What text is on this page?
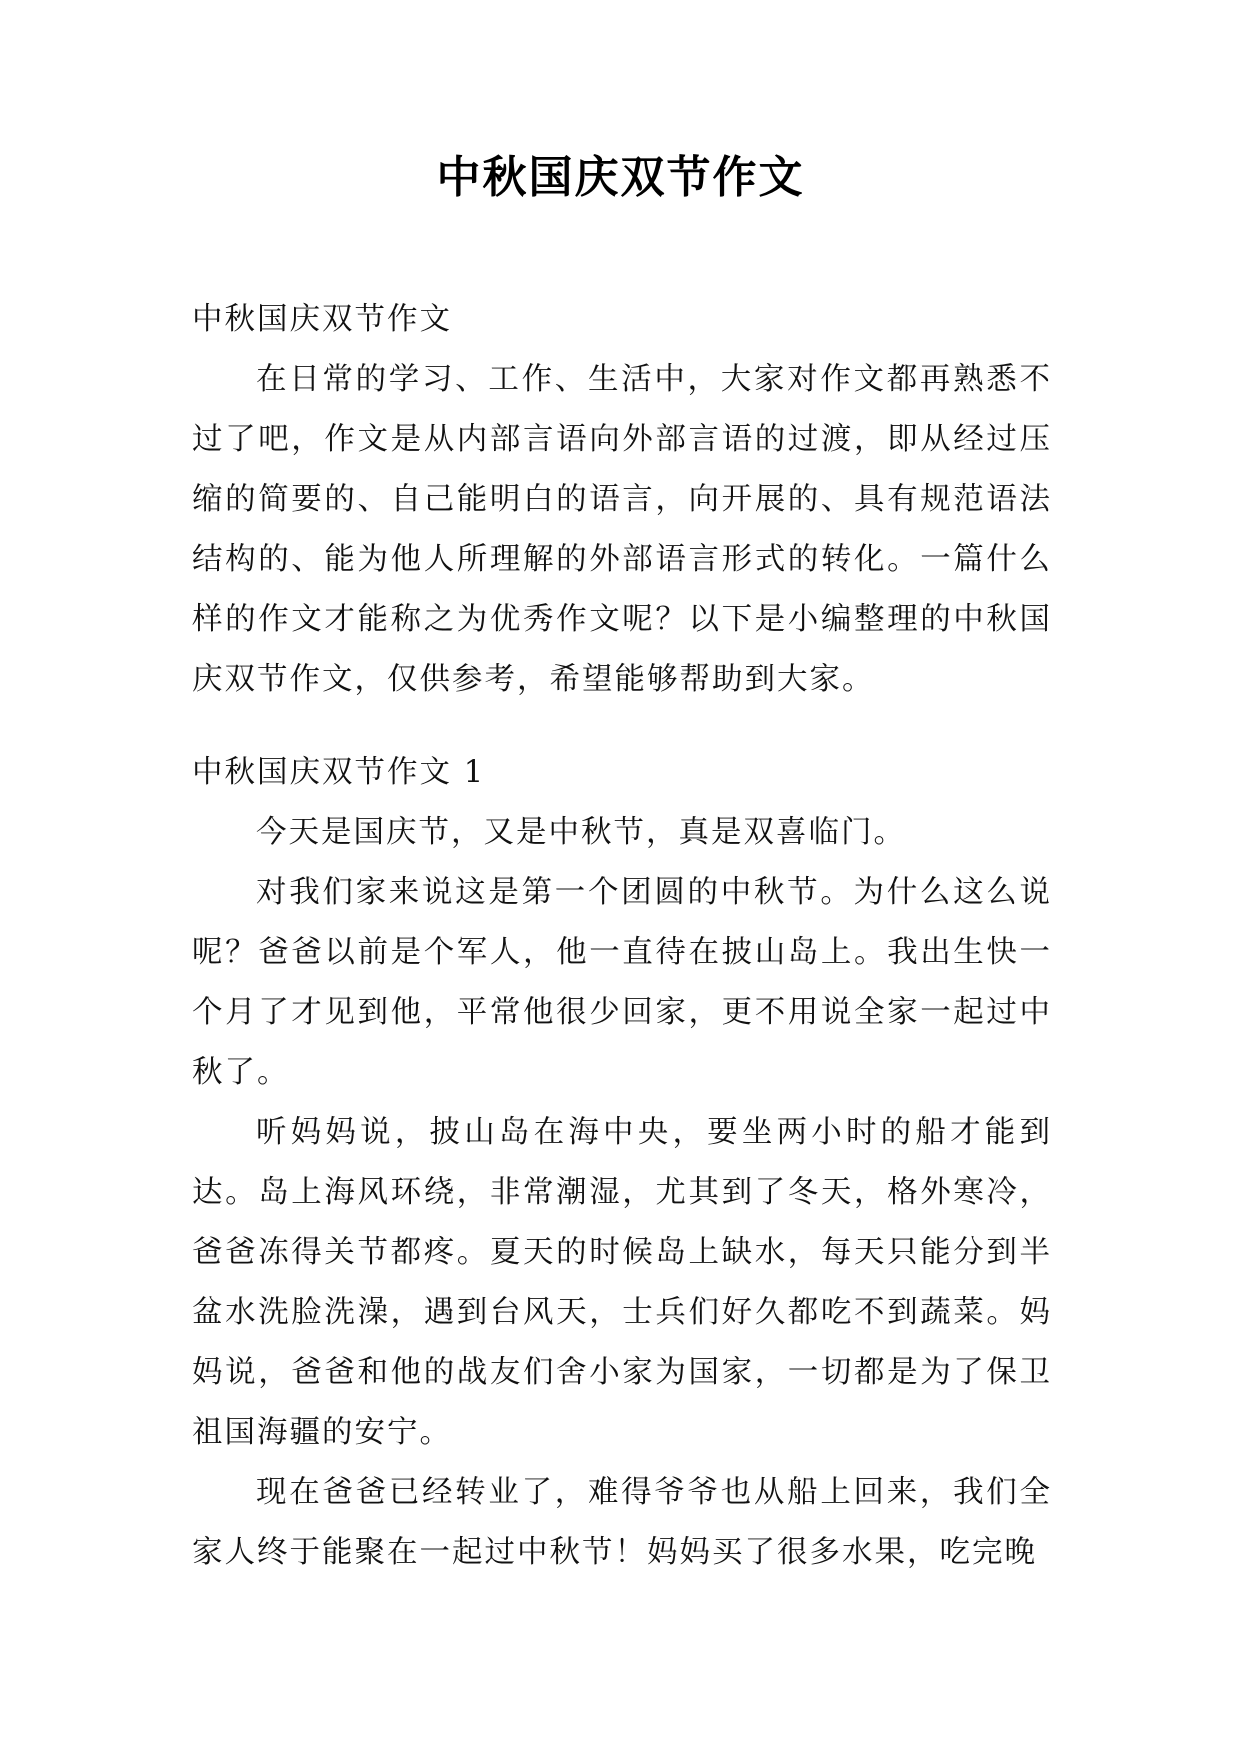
中秋国庆双节作文

中秋国庆双节作文

在日常的学习、工作、生活中，大家对作文都再熟悉不过了吧，作文是从内部言语向外部言语的过渡，即从经过压缩的简要的、自己能明白的语言，向开展的、具有规范语法结构的、能为他人所理解的外部语言形式的转化。一篇什么样的作文才能称之为优秀作文呢？以下是小编整理的中秋国庆双节作文，仅供参考，希望能够帮助到大家。

中秋国庆双节作文 1

今天是国庆节，又是中秋节，真是双喜临门。

对我们家来说这是第一个团圆的中秋节。为什么这么说呢？爸爸以前是个军人，他一直待在披山岛上。我出生快一个月了才见到他，平常他很少回家，更不用说全家一起过中秋了。

听妈妈说，披山岛在海中央，要坐两小时的船才能到达。岛上海风环绕，非常潮湿，尤其到了冬天，格外寒冷，爸爸冻得关节都疼。夏天的时候岛上缺水，每天只能分到半盆水洗脸洗澡，遇到台风天，士兵们好久都吃不到蔬菜。妈妈说，爸爸和他的战友们舍小家为国家，一切都是为了保卫祖国海疆的安宁。

现在爸爸已经转业了，难得爷爷也从船上回来，我们全家人终于能聚在一起过中秋节！妈妈买了很多水果，吃完晚
